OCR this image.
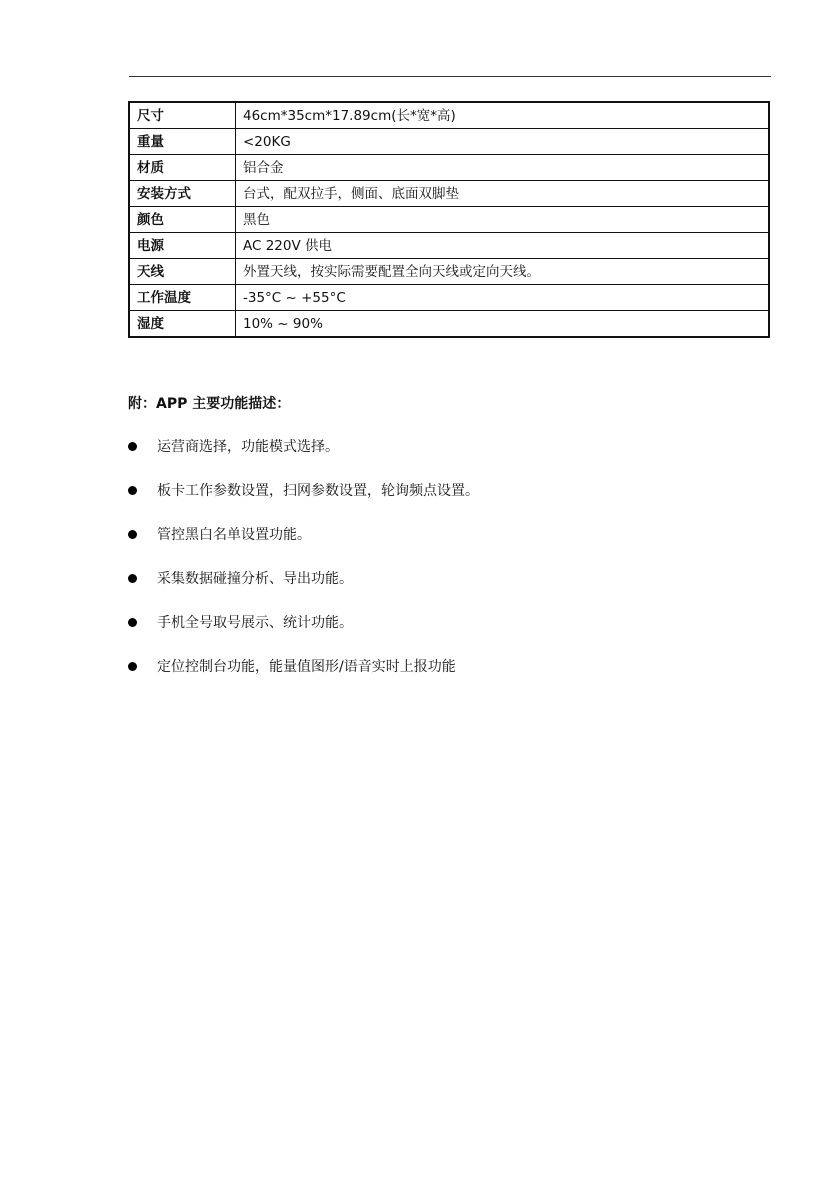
尺寸	46cm*35cm*17.89cm(长*宽*高)
重量	<20KG
材质	铝合金
安装方式	台式，配双拉手，侧面、底面双脚垫
颜色	黑色
电源	AC 220V 供电
天线	外置天线，按实际需要配置全向天线或定向天线。
工作温度	-35°C ~ +55°C
湿度	10% ~ 90%
附：APP 主要功能描述：
运营商选择，功能模式选择。
板卡工作参数设置，扫网参数设置，轮询频点设置。
管控黑白名单设置功能。
采集数据碰撞分析、导出功能。
手机全号取号展示、统计功能。
定位控制台功能，能量值图形/语音实时上报功能
